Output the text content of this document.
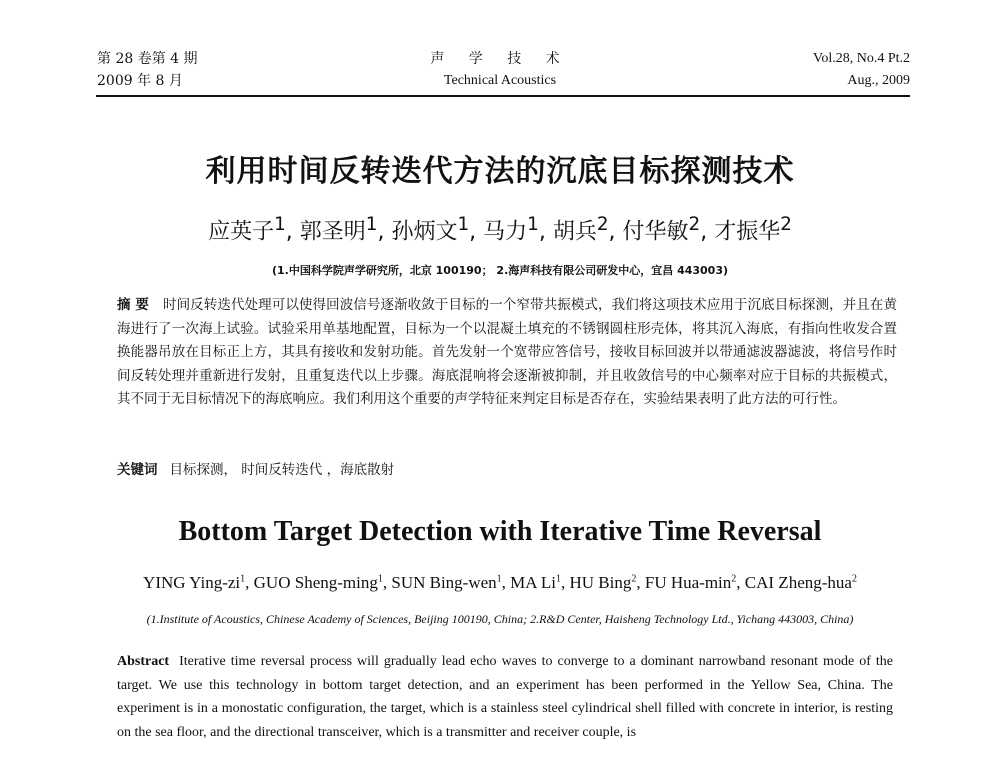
第 28 卷第 4 期
2009 年 8 月
声 学 技 术
Technical Acoustics
Vol.28, No.4 Pt.2
Aug., 2009
利用时间反转迭代方法的沉底目标探测技术
应英子$^1$, 郭圣明$^1$, 孙炳文$^1$, 马力$^1$, 胡兵$^2$, 付华敏$^2$, 才振华$^2$
(1.中国科学院声学研究所，北京 100190； 2.海声科技有限公司研发中心，宜昌 443003)
摘 要 时间反转迭代处理可以使得回波信号逐渐收敛于目标的一个窄带共振模式，我们将这项技术应用于沉底目标探测，并且在黄海进行了一次海上试验。试验采用单基地配置，目标为一个以混凝土填充的不锈钢圆柱形壳体，将其沉入海底，有指向性收发合置换能器吊放在目标正上方，其具有接收和发射功能。首先发射一个宽带应答信号，接收目标回波并以带通滤波器滤波，将信号作时间反转处理并重新进行发射，且重复迭代以上步骤。海底混响将会逐渐被抑制，并且收敛信号的中心频率对应于目标的共振模式，其不同于无目标情况下的海底响应。我们利用这个重要的声学特征来判定目标是否存在，实验结果表明了此方法的可行性。
关键词 目标探测， 时间反转迭代 ，海底散射
Bottom Target Detection with Iterative Time Reversal
YING Ying-$zi^1$, GUO Sheng-ming$^1$, SUN Bing-wen$^1$, MA Li$^1$, HU Bing$^2$, FU Hua-$\min^2$, CAI Zheng-hua$^2$
(1.Institute of Acoustics, Chinese Academy of Sciences, Beijing 100190, China; 2.R&D Center, Haisheng Technology Ltd., Yichang 443003, China)
Abstract Iterative time reversal process will gradually lead echo waves to converge to a dominant narrowband resonant mode of the target. We use this technology in bottom target detection, and an experiment has been performed in the Yellow Sea, China. The experiment is in a monostatic configuration, the target, which is a stainless steel cylindrical shell filled with concrete in interior, is resting on the sea floor, and the directional transceiver, which is a transmitter and receiver couple, is
